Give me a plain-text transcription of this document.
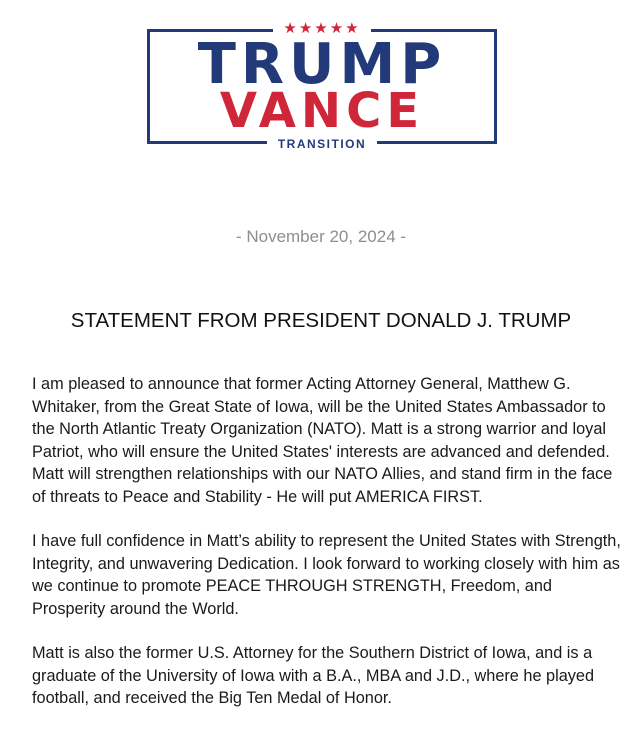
★★★★★
TRUMP
VANCE
TRANSITION
- November 20, 2024 -
STATEMENT FROM PRESIDENT DONALD J. TRUMP
I am pleased to announce that former Acting Attorney General, Matthew G.
Whitaker, from the Great State of Iowa, will be the United States Ambassador to
the North Atlantic Treaty Organization (NATO). Matt is a strong warrior and loyal
Patriot, who will ensure the United States' interests are advanced and defended.
Matt will strengthen relationships with our NATO Allies, and stand firm in the face
of threats to Peace and Stability - He will put AMERICA FIRST.
I have full confidence in Matt’s ability to represent the United States with Strength,
Integrity, and unwavering Dedication. I look forward to working closely with him as
we continue to promote PEACE THROUGH STRENGTH, Freedom, and
Prosperity around the World.
Matt is also the former U.S. Attorney for the Southern District of Iowa, and is a
graduate of the University of Iowa with a B.A., MBA and J.D., where he played
football, and received the Big Ten Medal of Honor.
